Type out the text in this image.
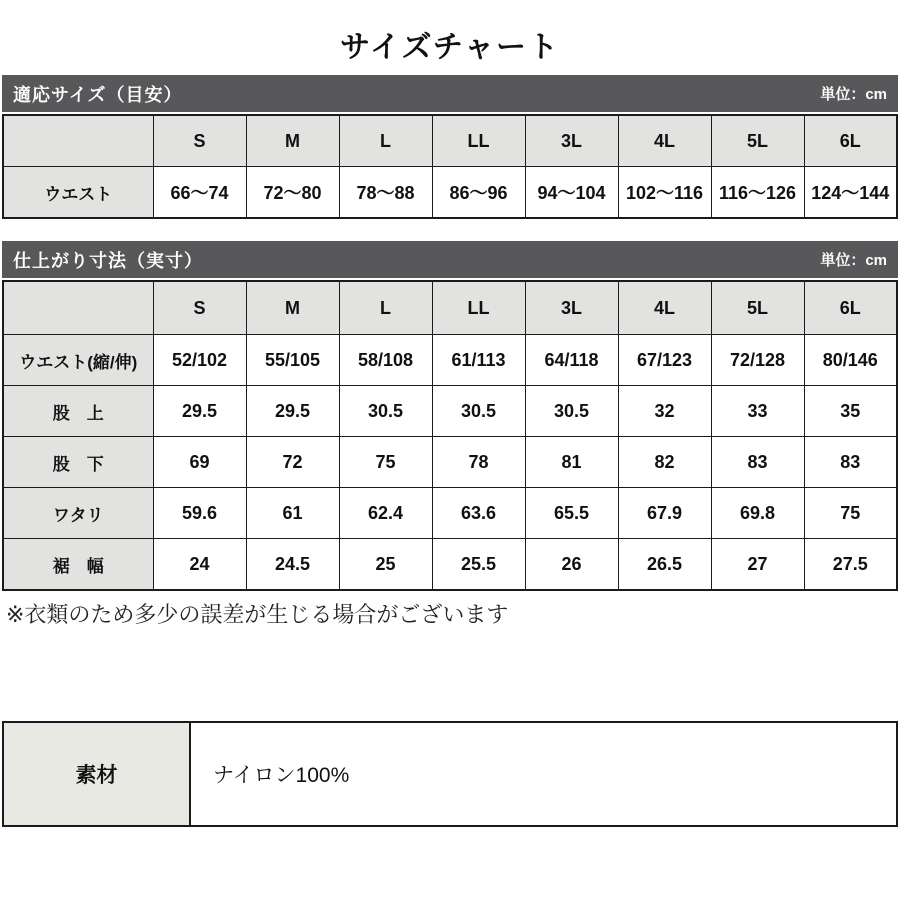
サイズチャート
適応サイズ（目安）	単位：cm
	S	M	L	LL	3L	4L	5L	6L
ウエスト	66〜74	72〜80	78〜88	86〜96	94〜104	102〜116	116〜126	124〜144
仕上がり寸法（実寸）	単位：cm
	S	M	L	LL	3L	4L	5L	6L
ウエスト(縮/伸)	52/102	55/105	58/108	61/113	64/118	67/123	72/128	80/146
股　上	29.5	29.5	30.5	30.5	30.5	32	33	35
股　下	69	72	75	78	81	82	83	83
ワタリ	59.6	61	62.4	63.6	65.5	67.9	69.8	75
裾　幅	24	24.5	25	25.5	26	26.5	27	27.5
※衣類のため多少の誤差が生じる場合がございます
素材	ナイロン100%
